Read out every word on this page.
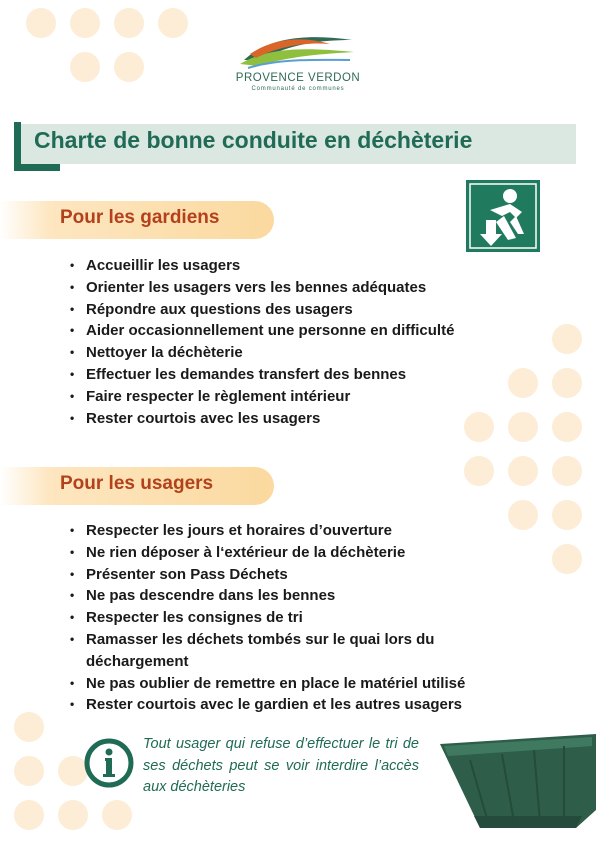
PROVENCE VERDON
Communauté de communes
Charte de bonne conduite en déchèterie
Pour les gardiens
• Accueillir les usagers
• Orienter les usagers vers les bennes adéquates
• Répondre aux questions des usagers
• Aider occasionnellement une personne en difficulté
• Nettoyer la déchèterie
• Effectuer les demandes transfert des bennes
• Faire respecter le règlement intérieur
• Rester courtois avec les usagers
Pour les usagers
• Respecter les jours et horaires d’ouverture
• Ne rien déposer à l‘extérieur de la déchèterie
• Présenter son Pass Déchets
• Ne pas descendre dans les bennes
• Respecter les consignes de tri
• Ramasser les déchets tombés sur le quai lors du déchargement
• Ne pas oublier de remettre en place le matériel utilisé
• Rester courtois avec le gardien et les autres usagers
Tout usager qui refuse d’effectuer le tri de ses déchets peut se voir interdire l’accès aux déchèteries
